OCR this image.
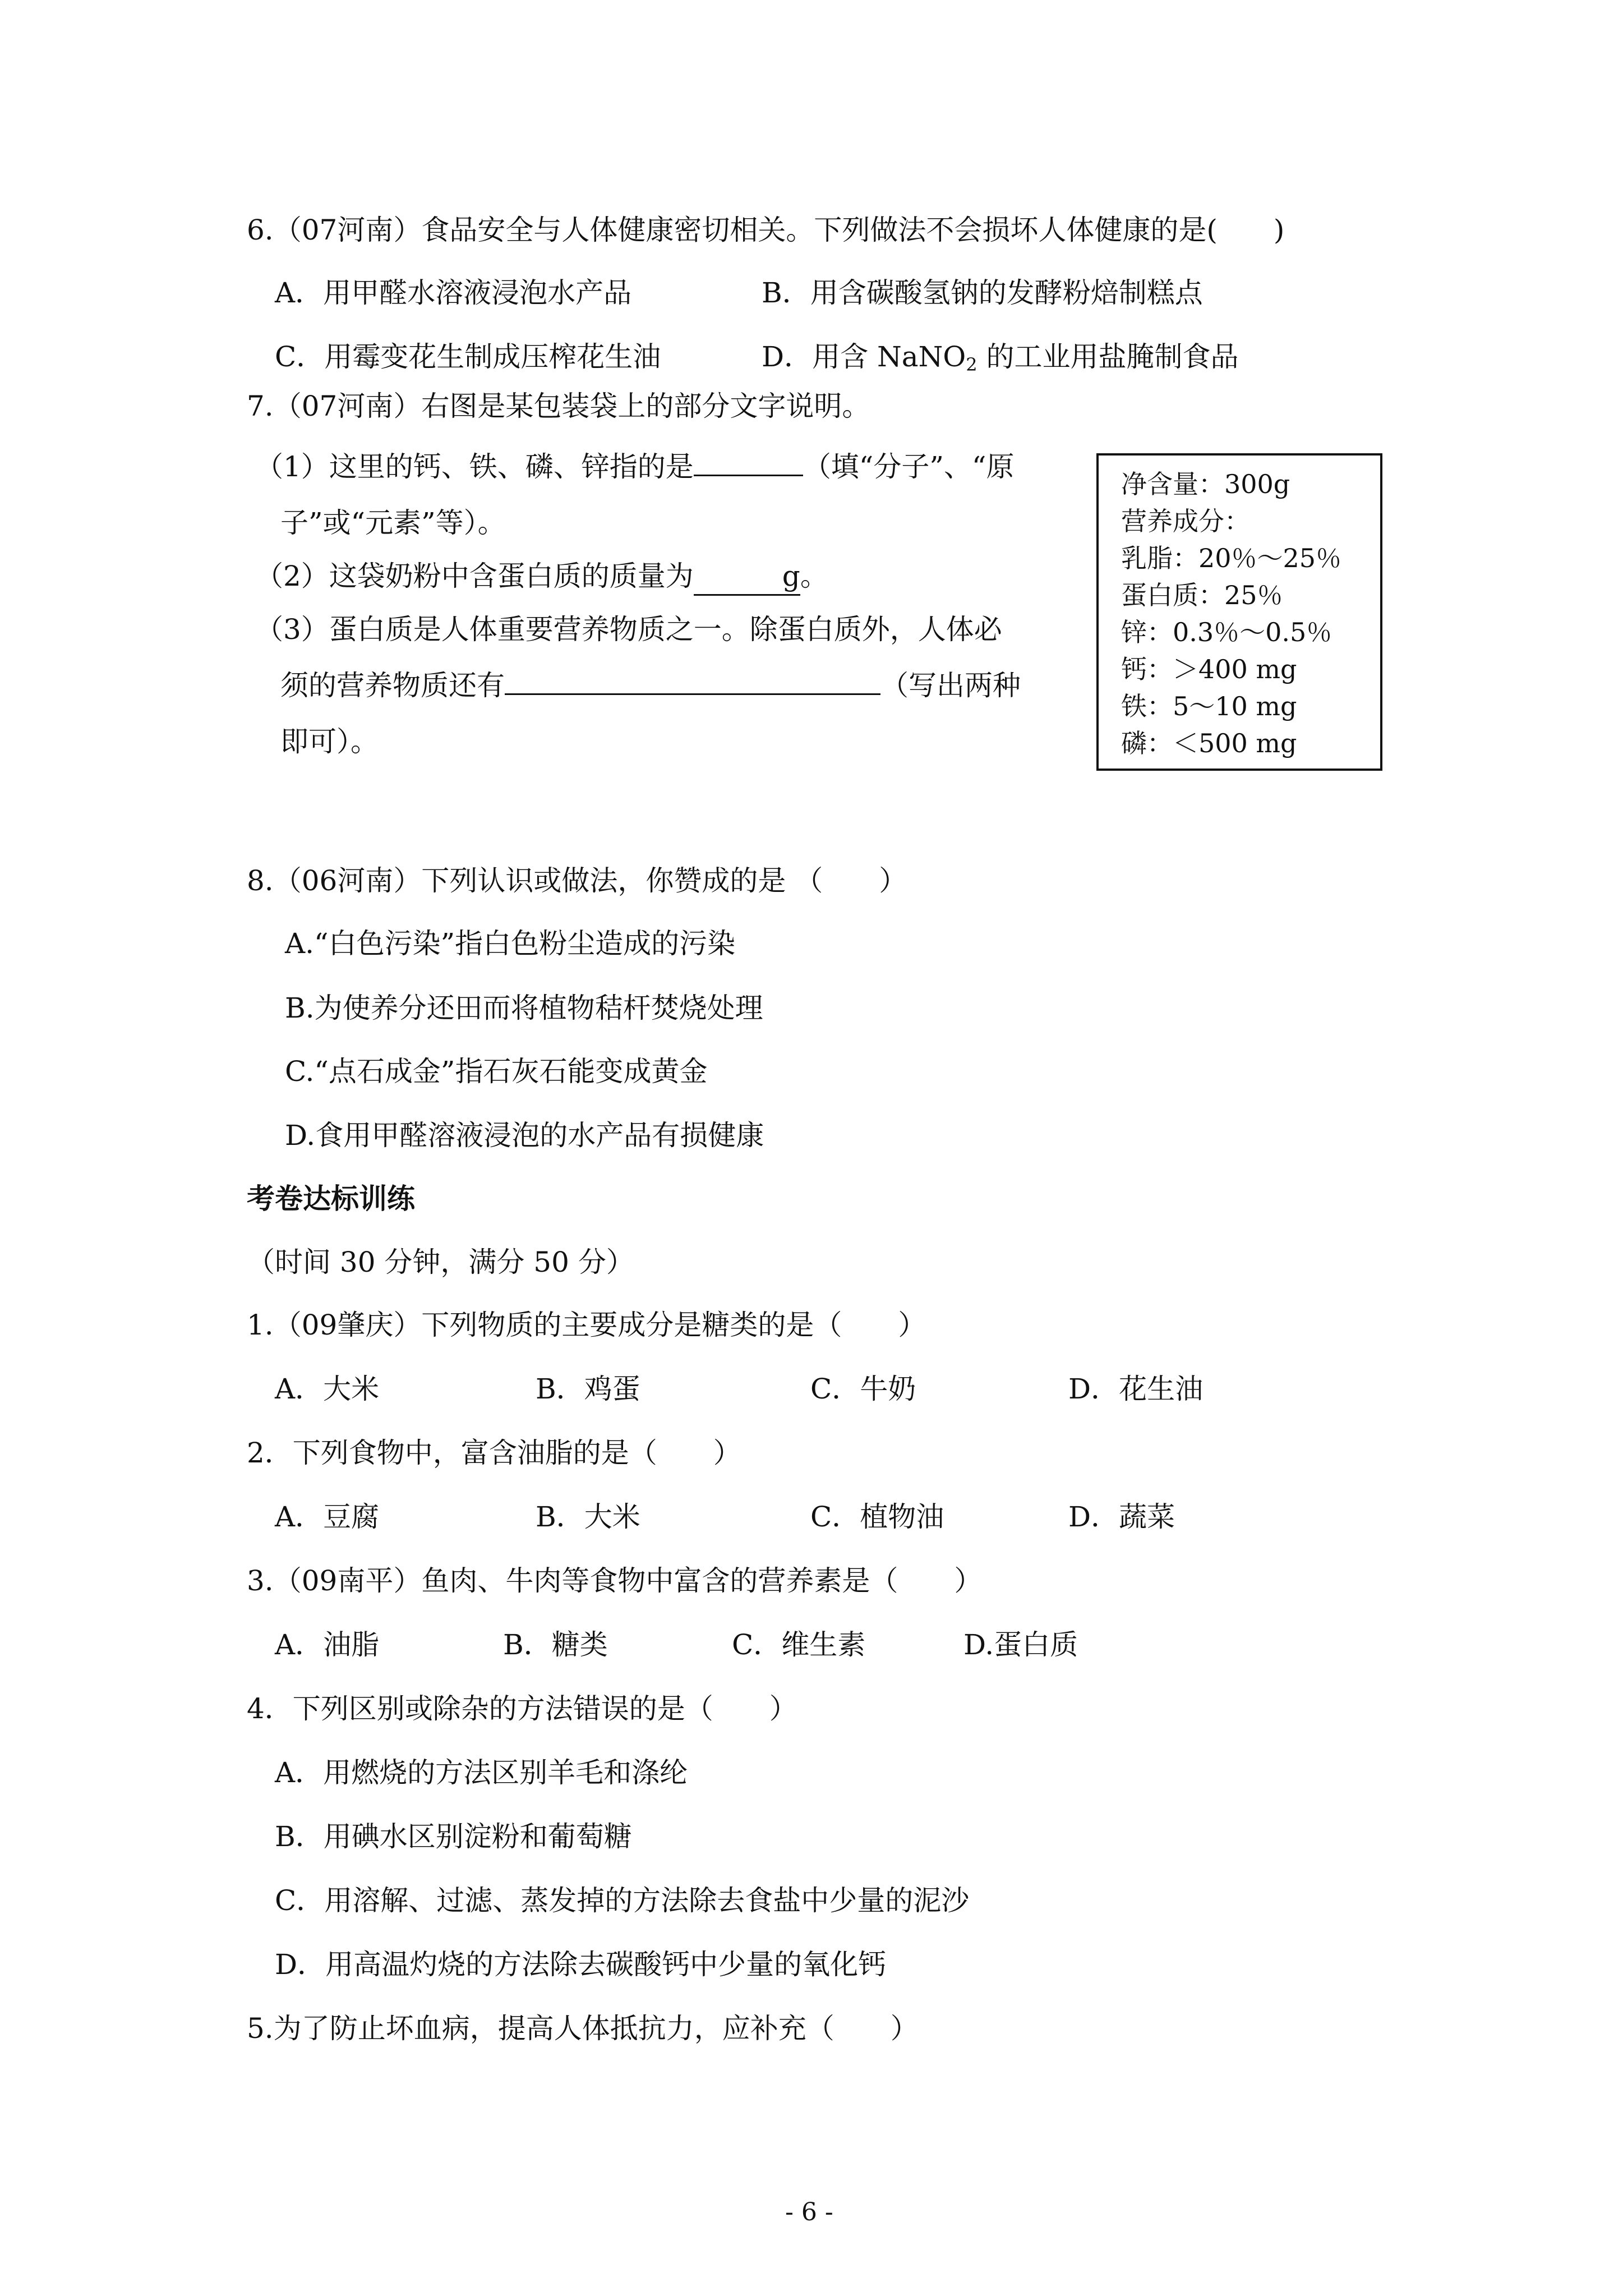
6.（07河南）食品安全与人体健康密切相关。下列做法不会损坏人体健康的是(　　)
A．用甲醛水溶液浸泡水产品	B．用含碳酸氢钠的发酵粉焙制糕点
C．用霉变花生制成压榨花生油	D．用含 NaNO$_2$ 的工业用盐腌制食品
7.（07河南）右图是某包装袋上的部分文字说明。
（1）这里的钙、铁、磷、锌指的是	（填“分子”、“原
子”或“元素”等）。
（2）这袋奶粉中含蛋白质的质量为	g。
（3）蛋白质是人体重要营养物质之一。除蛋白质外，人体必
须的营养物质还有	（写出两种
即可）。
净含量：300g
营养成分：
乳脂：20％～25％
蛋白质：25％
锌：0.3％～0.5％
钙：＞400 mg
铁：5～10 mg
磷：＜500 mg
8.（06河南）下列认识或做法，你赞成的是 （　　）
A.“白色污染”指白色粉尘造成的污染
B.为使养分还田而将植物秸杆焚烧处理
C.“点石成金”指石灰石能变成黄金
D.食用甲醛溶液浸泡的水产品有损健康
考卷达标训练
（时间 30 分钟，满分 50 分）
1.（09肇庆）下列物质的主要成分是糖类的是（　　）
A．大米	B．鸡蛋	C．牛奶	D．花生油
2．下列食物中，富含油脂的是（　　）
A．豆腐	B．大米	C．植物油	D．蔬菜
3.（09南平）鱼肉、牛肉等食物中富含的营养素是（　　）
A．油脂	B．糖类	C．维生素	D.蛋白质
4．下列区别或除杂的方法错误的是（　　）
A．用燃烧的方法区别羊毛和涤纶
B．用碘水区别淀粉和葡萄糖
C．用溶解、过滤、蒸发掉的方法除去食盐中少量的泥沙
D．用高温灼烧的方法除去碳酸钙中少量的氧化钙
5.为了防止坏血病，提高人体抵抗力，应补充（　　）
- 6 -
